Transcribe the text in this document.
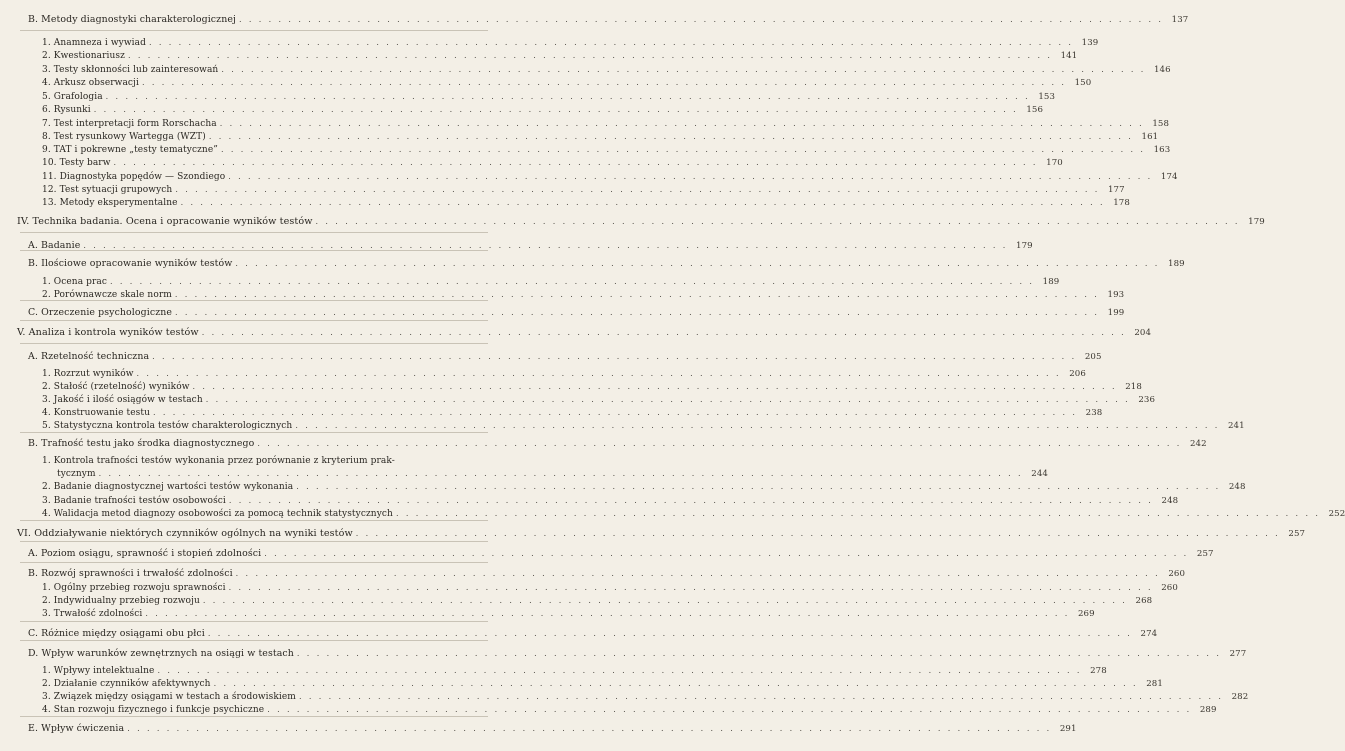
B. Metody diagnostyki charakterologicznej . . .	137
1. Anamneza i wywiad . . .	139
2. Kwestionariusz . . .	141
3. Testy skłonności lub zainteresowań . . .	146
4. Arkusz obserwacji . . .	150
5. Grafologia . . .	153
6. Rysunki . . .	156
7. Test interpretacji form Rorschacha . . .	158
8. Test rysunkowy Wartegga (WZT) . . .	161
9. TAT i pokrewne „testy tematyczne” . . .	163
10. Testy barw . . .	170
11. Diagnostyka popędów — Szondiego . . .	174
12. Test sytuacji grupowych . . .	177
13. Metody eksperymentalne . . .	178
IV. Technika badania. Ocena i opracowanie wyników testów . . .	179
A. Badanie . . .	179
B. Ilościowe opracowanie wyników testów . . .	189
1. Ocena prac . . .	189
2. Porównawcze skale norm . . .	193
C. Orzeczenie psychologiczne . . .	199
V. Analiza i kontrola wyników testów . . .	204
A. Rzetelność techniczna . . .	205
1. Rozrzut wyników . . .	206
2. Stałość (rzetelność) wyników . . .	218
3. Jakość i ilość osiągów w testach . . .	236
4. Konstruowanie testu . . .	238
5. Statystyczna kontrola testów charakterologicznych . . .	241
B. Trafność testu jako środka diagnostycznego . . .	242
1. Kontrola trafności testów wykonania przez porównanie z kryterium prak-
tycznym . . .	244
2. Badanie diagnostycznej wartości testów wykonania . . .	248
3. Badanie trafności testów osobowości . . .	248
4. Walidacja metod diagnozy osobowości za pomocą technik statystycznych . . .	252
VI. Oddziaływanie niektórych czynników ogólnych na wyniki testów . . .	257
A. Poziom osiągu, sprawność i stopień zdolności . . .	257
B. Rozwój sprawności i trwałość zdolności . . .	260
1. Ogólny przebieg rozwoju sprawności . . .	260
2. Indywidualny przebieg rozwoju . . .	268
3. Trwałość zdolności . . .	269
C. Różnice między osiągami obu płci . . .	274
D. Wpływ warunków zewnętrznych na osiągi w testach . . .	277
1. Wpływy intelektualne . . .	278
2. Działanie czynników afektywnych . . .	281
3. Związek między osiągami w testach a środowiskiem . . .	282
4. Stan rozwoju fizycznego i funkcje psychiczne . . .	289
E. Wpływ ćwiczenia . . .	291
